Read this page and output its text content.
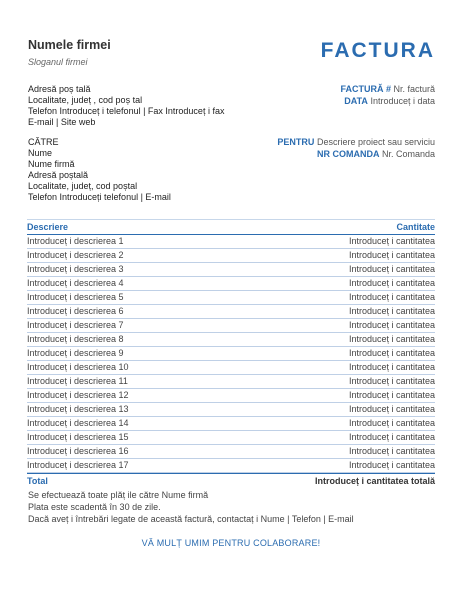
Numele firmei
Sloganul firmei	FACTURA
Adresă poș tală
Localitate, județ , cod poș tal
Telefon Introduceț i telefonul | Fax Introduceț i fax
E-mail | Site web
FACTURĂ # Nr. factură
DATA Introduceț i data
CĂTRE
Nume
Nume firmă
Adresă poștală
Localitate, județ, cod poștal
Telefon Introduceți telefonul | E-mail
PENTRU Descriere proiect sau serviciu
NR COMANDA Nr. Comanda
Descriere	Cantitate
Introduceț i descrierea 1	Introduceț i cantitatea
Introduceț i descrierea 2	Introduceț i cantitatea
Introduceț i descrierea 3	Introduceț i cantitatea
Introduceț i descrierea 4	Introduceț i cantitatea
Introduceț i descrierea 5	Introduceț i cantitatea
Introduceț i descrierea 6	Introduceț i cantitatea
Introduceț i descrierea 7	Introduceț i cantitatea
Introduceț i descrierea 8	Introduceț i cantitatea
Introduceț i descrierea 9	Introduceț i cantitatea
Introduceț i descrierea 10	Introduceț i cantitatea
Introduceț i descrierea 11	Introduceț i cantitatea
Introduceț i descrierea 12	Introduceț i cantitatea
Introduceț i descrierea 13	Introduceț i cantitatea
Introduceț i descrierea 14	Introduceț i cantitatea
Introduceț i descrierea 15	Introduceț i cantitatea
Introduceț i descrierea 16	Introduceț i cantitatea
Introduceț i descrierea 17	Introduceț i cantitatea
Total	Introduceț i cantitatea totală
Se efectuează toate plăț ile către Nume firmă
Plata este scadentă în 30 de zile.
Dacă aveț i întrebări legate de această factură, contactaț i Nume | Telefon | E-mail
VĂ MULȚ UMIM PENTRU COLABORARE!
